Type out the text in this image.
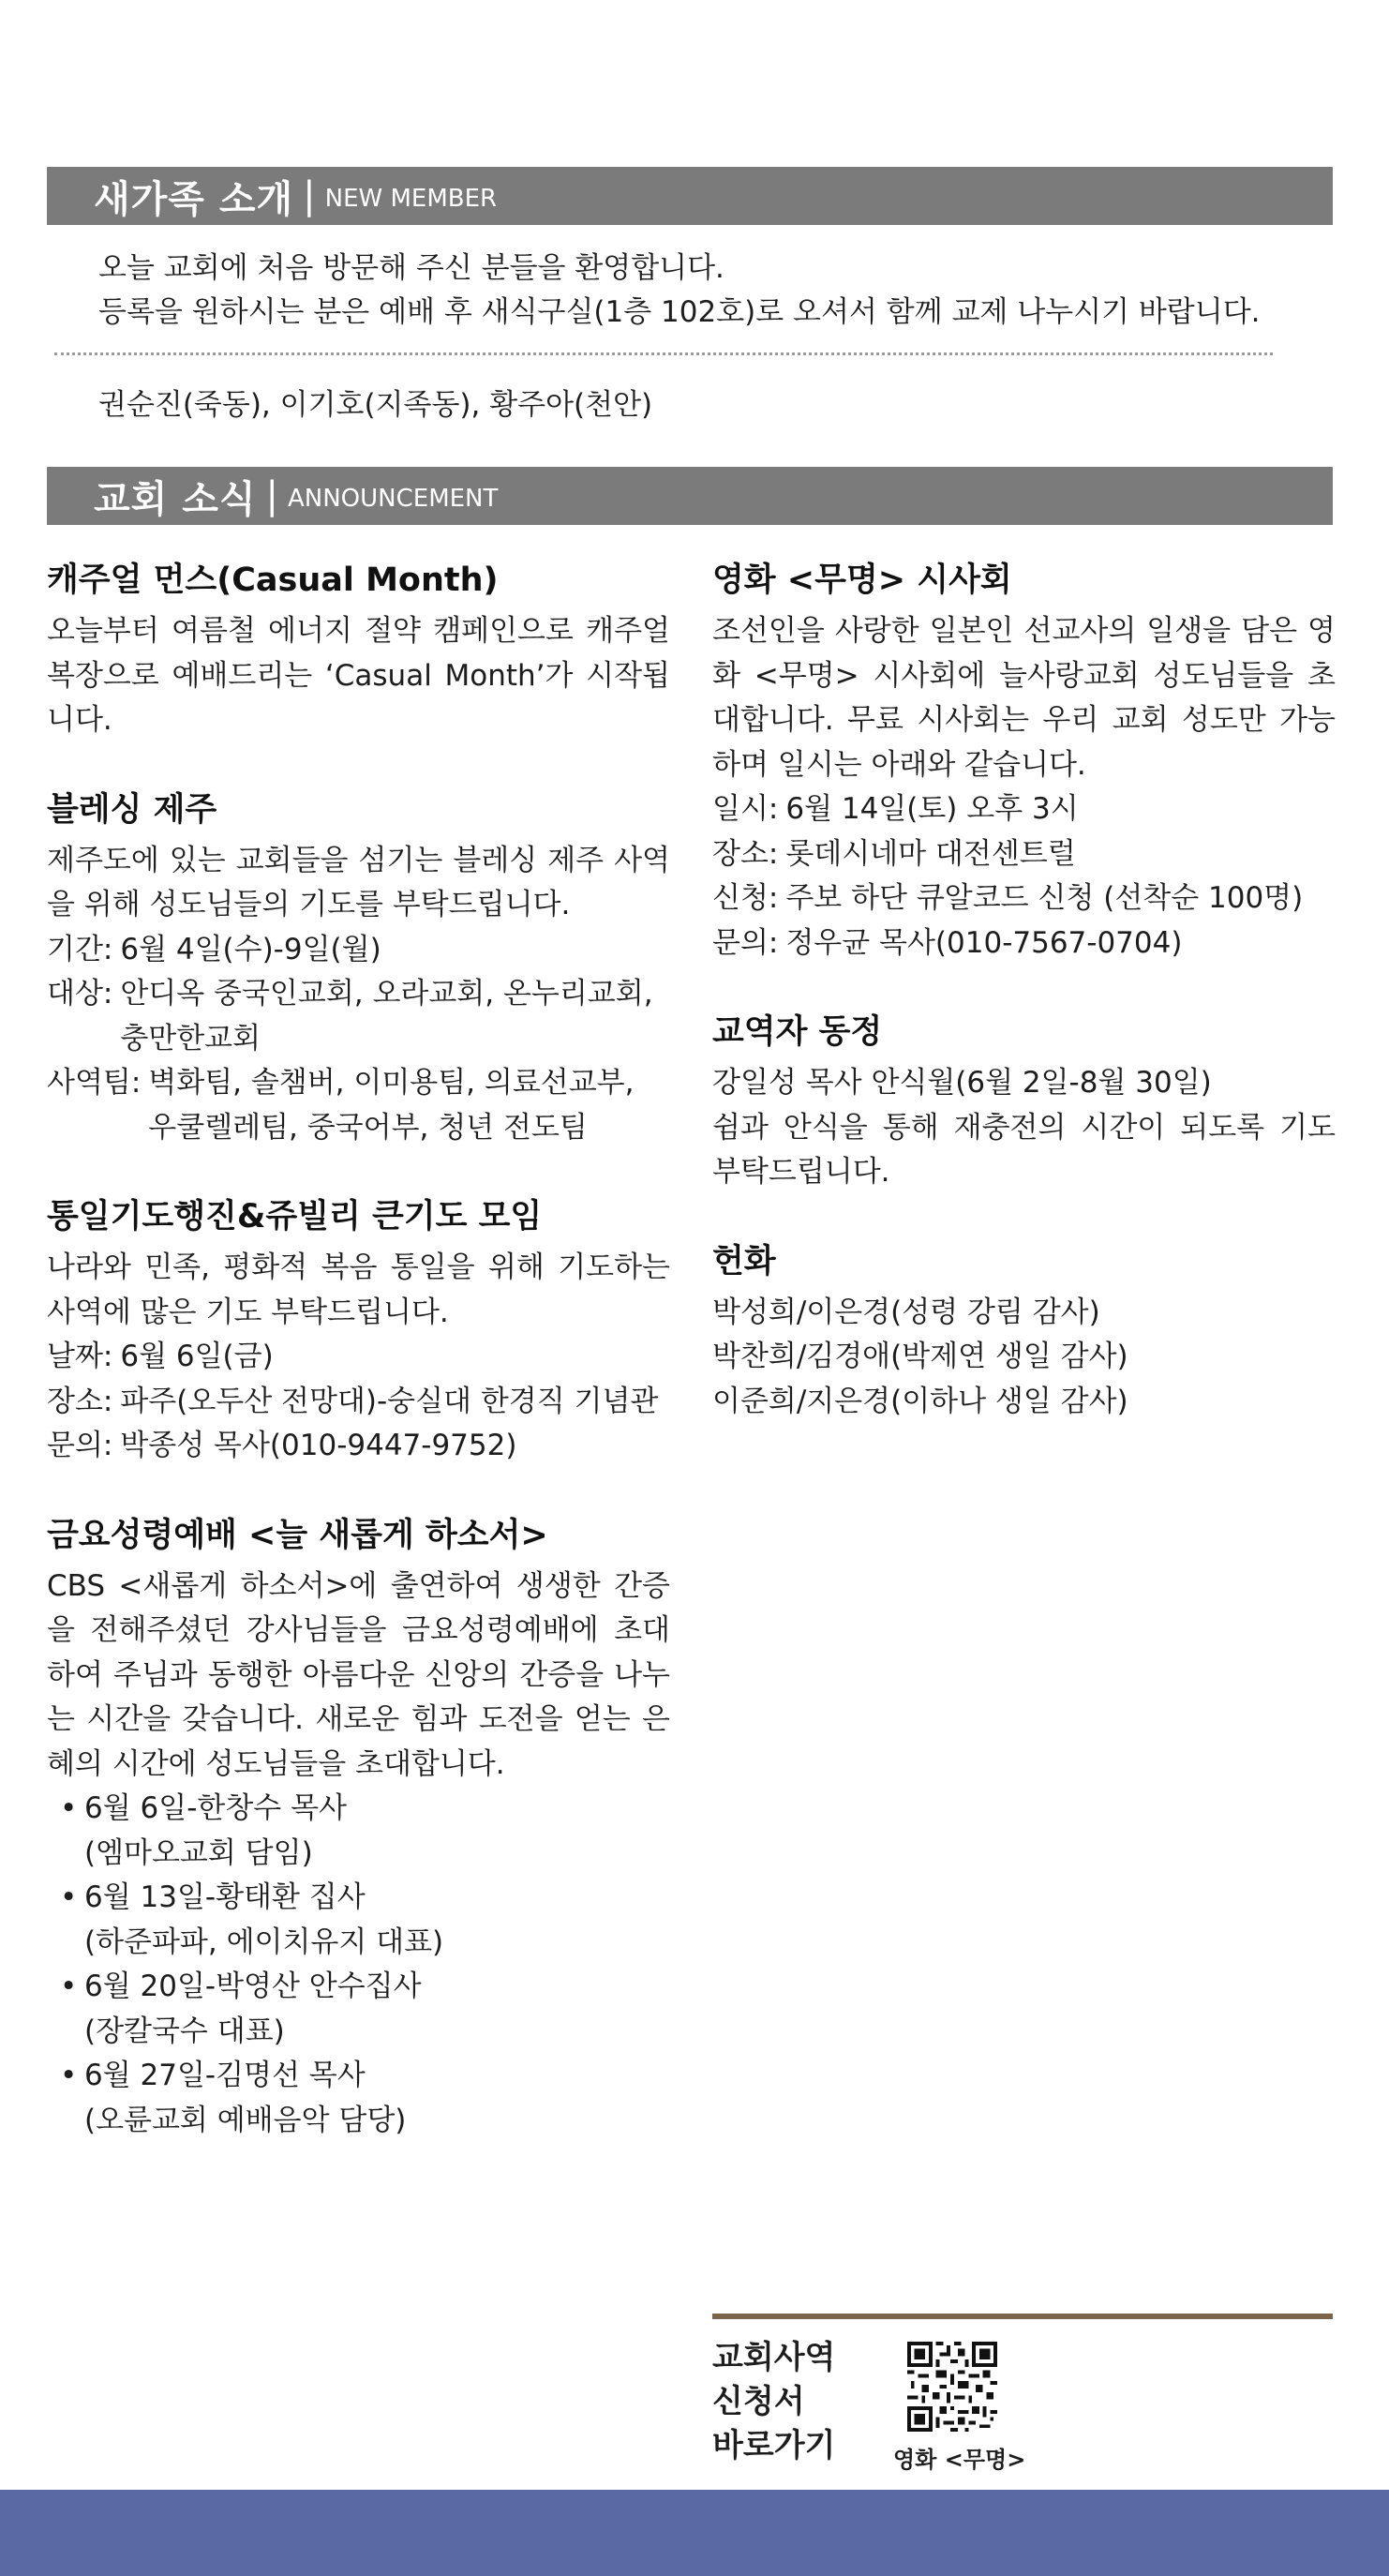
새가족 소개 | NEW MEMBER
오늘 교회에 처음 방문해 주신 분들을 환영합니다.
등록을 원하시는 분은 예배 후 새식구실(1층 102호)로 오셔서 함께 교제 나누시기 바랍니다.
권순진(죽동), 이기호(지족동), 황주아(천안)
교회 소식 | ANNOUNCEMENT
캐주얼 먼스(Casual Month)

오늘부터 여름철 에너지 절약 캠페인으로 캐주얼 복장으로 예배드리는 ‘Casual Month’가 시작됩니다.

블레싱 제주

제주도에 있는 교회들을 섬기는 블레싱 제주 사역을 위해 성도님들의 기도를 부탁드립니다.

기간: 6월 4일(수)-9일(월)
대상: 안디옥 중국인교회, 오라교회, 온누리교회, 충만한교회
사역팀: 벽화팀, 솔챔버, 이미용팀, 의료선교부, 우쿨렐레팀, 중국어부, 청년 전도팀
통일기도행진&쥬빌리 큰기도 모임

나라와 민족, 평화적 복음 통일을 위해 기도하는 사역에 많은 기도 부탁드립니다.

날짜: 6월 6일(금)
장소: 파주(오두산 전망대)-숭실대 한경직 기념관
문의: 박종성 목사(010-9447-9752)
금요성령예배 <늘 새롭게 하소서>

CBS <새롭게 하소서>에 출연하여 생생한 간증을 전해주셨던 강사님들을 금요성령예배에 초대하여 주님과 동행한 아름다운 신앙의 간증을 나누는 시간을 갖습니다. 새로운 힘과 도전을 얻는 은혜의 시간에 성도님들을 초대합니다.

• 6월 6일-한창수 목사
(엠마오교회 담임)
• 6월 13일-황태환 집사
(하준파파, 에이치유지 대표)
• 6월 20일-박영산 안수집사
(장칼국수 대표)
• 6월 27일-김명선 목사
(오륜교회 예배음악 담당)
영화 <무명> 시사회

조선인을 사랑한 일본인 선교사의 일생을 담은 영화 <무명> 시사회에 늘사랑교회 성도님들을 초대합니다. 무료 시사회는 우리 교회 성도만 가능하며 일시는 아래와 같습니다.

일시: 6월 14일(토) 오후 3시
장소: 롯데시네마 대전센트럴
신청: 주보 하단 큐알코드 신청 (선착순 100명)
문의: 정우균 목사(010-7567-0704)
교역자 동정

강일성 목사 안식월(6월 2일-8월 30일)

쉼과 안식을 통해 재충전의 시간이 되도록 기도 부탁드립니다.

헌화

박성희/이은경(성령 강림 감사)

박찬희/김경애(박제연 생일 감사)

이준희/지은경(이하나 생일 감사)

교회사역
신청서
바로가기	영화 <무명>
